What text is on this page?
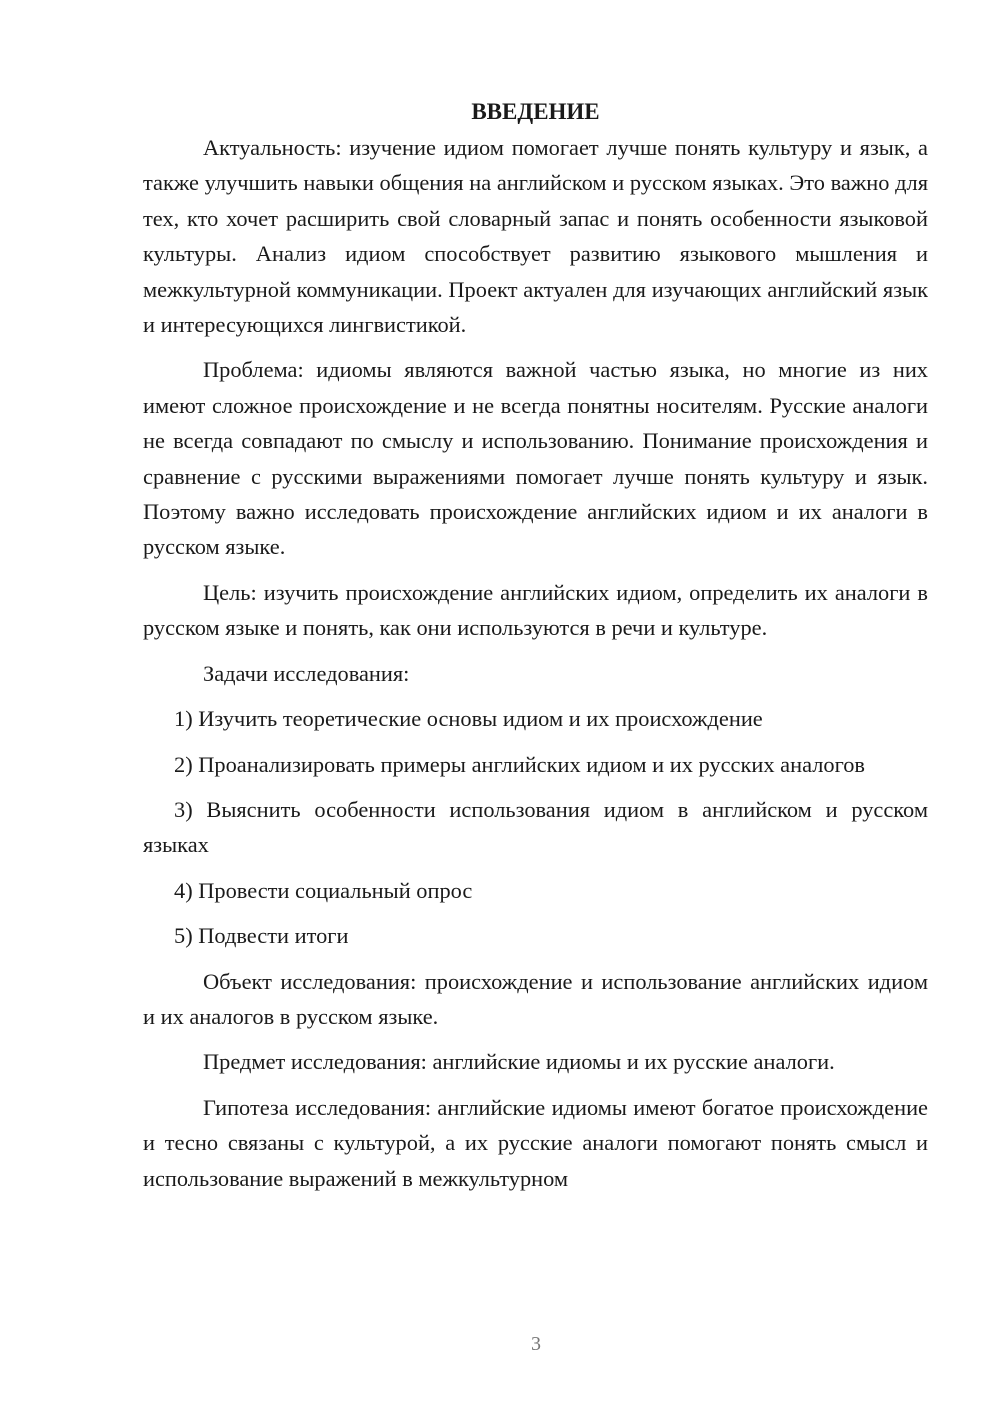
ВВЕДЕНИЕ

Актуальность: изучение идиом помогает лучше понять культуру и язык, а также улучшить навыки общения на английском и русском языках. Это важно для тех, кто хочет расширить свой словарный запас и понять особенности языковой культуры. Анализ идиом способствует развитию языкового мышления и межкультурной коммуникации. Проект актуален для изучающих английский язык и интересующихся лингвистикой.

Проблема: идиомы являются важной частью языка, но многие из них имеют сложное происхождение и не всегда понятны носителям. Русские аналоги не всегда совпадают по смыслу и использованию. Понимание происхождения и сравнение с русскими выражениями помогает лучше понять культуру и язык. Поэтому важно исследовать происхождение английских идиом и их аналоги в русском языке.

Цель: изучить происхождение английских идиом, определить их аналоги в русском языке и понять, как они используются в речи и культуре.

Задачи исследования:

1) Изучить теоретические основы идиом и их происхождение

2) Проанализировать примеры английских идиом и их русских аналогов

3) Выяснить особенности использования идиом в английском и русском языках

4) Провести социальный опрос

5) Подвести итоги

Объект исследования: происхождение и использование английских идиом и их аналогов в русском языке.

Предмет исследования: английские идиомы и их русские аналоги.

Гипотеза исследования: английские идиомы имеют богатое происхождение и тесно связаны с культурой, а их русские аналоги помогают понять смысл и использование выражений в межкультурном

3
